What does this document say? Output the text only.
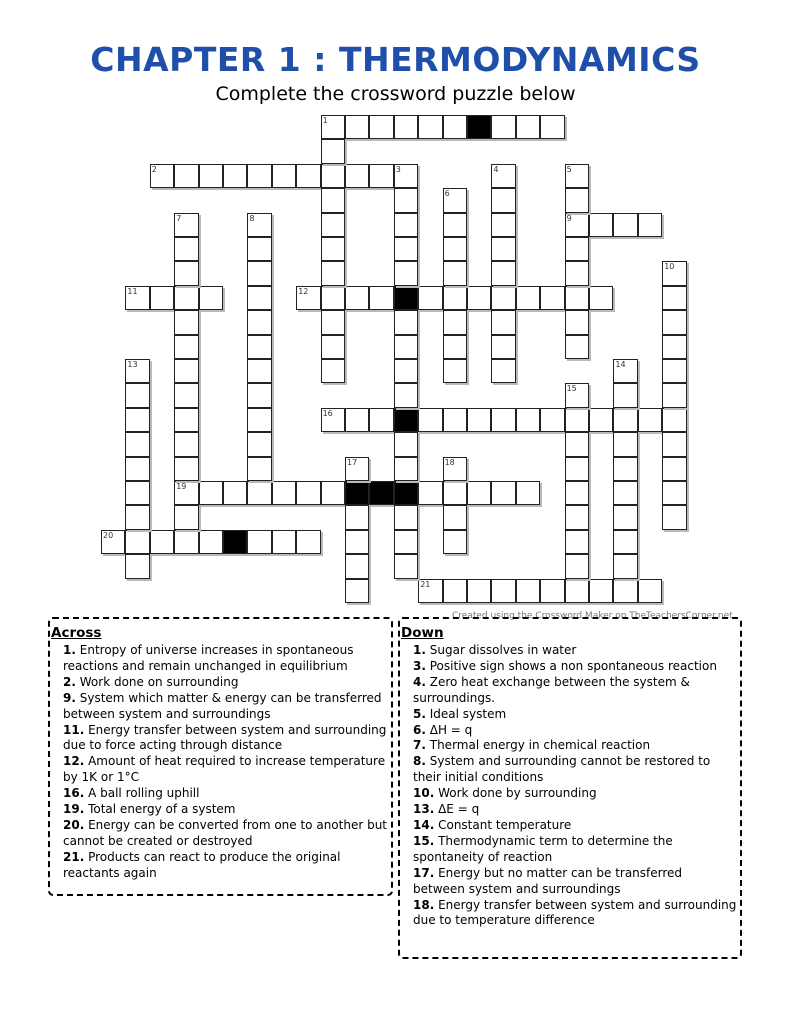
CHAPTER 1 : THERMODYNAMICS
Complete the crossword puzzle below
1
2
9
11	12
16
19
20
21
3	4	5
6
7	8
10
13	14
15
17	18
Created using the Crossword Maker on TheTeachersCorner.net
Across
1. Entropy of universe increases in spontaneous reactions and remain unchanged in equilibrium
2. Work done on surrounding
9. System which matter & energy can be transferred between system and surroundings
11. Energy transfer between system and surrounding due to force acting through distance
12. Amount of heat required to increase temperature by 1K or 1°C
16. A ball rolling uphill
19. Total energy of a system
20. Energy can be converted from one to another but cannot be created or destroyed
21. Products can react to produce the original reactants again
Down
1. Sugar dissolves in water
3. Positive sign shows a non spontaneous reaction
4. Zero heat exchange between the system & surroundings.
5. Ideal system
6. ΔH = q
7. Thermal energy in chemical reaction
8. System and surrounding cannot be restored to their initial conditions
10. Work done by surrounding
13. ΔE = q
14. Constant temperature
15. Thermodynamic term to determine the spontaneity of reaction
17. Energy but no matter can be transferred between system and surroundings
18. Energy transfer between system and surrounding due to temperature difference
